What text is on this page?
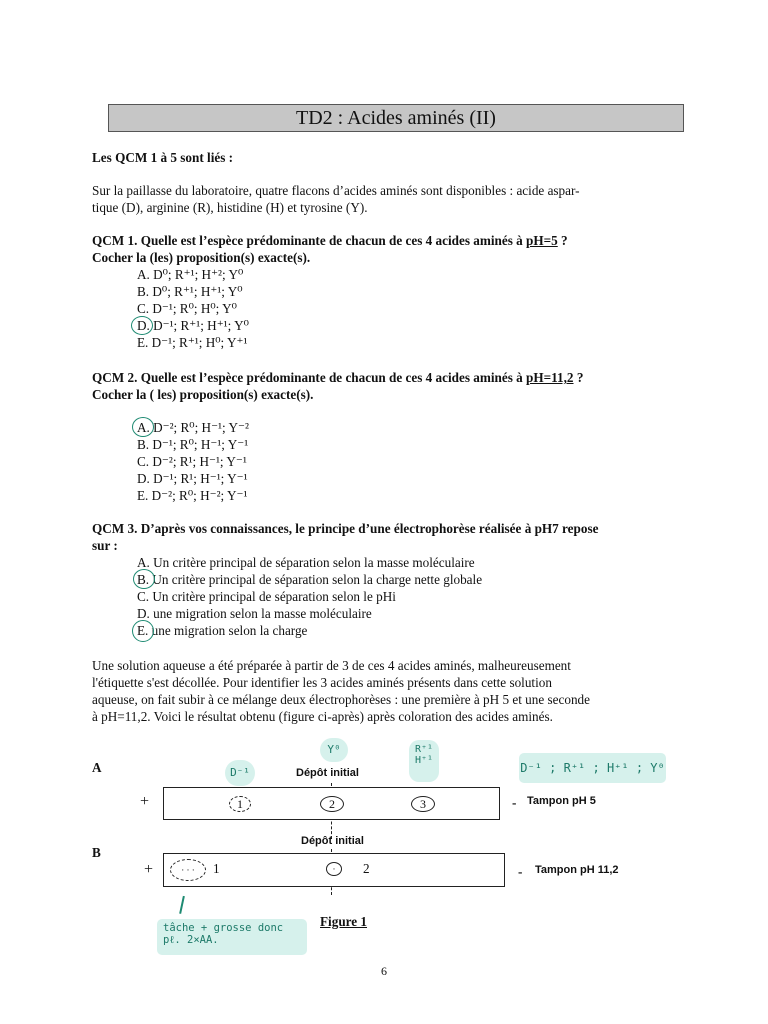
TD2 : Acides aminés (II)
Les QCM 1 à 5 sont liés :
Sur la paillasse du laboratoire, quatre flacons d’acides aminés sont disponibles : acide aspar-
tique (D), arginine (R), histidine (H) et tyrosine (Y).
QCM 1. Quelle est l’espèce prédominante de chacun de ces 4 acides aminés à pH=5 ?
Cocher la (les) proposition(s) exacte(s).
A. D⁰; R⁺¹; H⁺²; Y⁰
B. D⁰; R⁺¹; H⁺¹; Y⁰
C. D⁻¹; R⁰; H⁰; Y⁰
D. D⁻¹; R⁺¹; H⁺¹; Y⁰
E. D⁻¹; R⁺¹; H⁰; Y⁺¹
QCM 2. Quelle est l’espèce prédominante de chacun de ces 4 acides aminés à pH=11,2 ?
Cocher la ( les) proposition(s) exacte(s).
A. D⁻²; R⁰; H⁻¹; Y⁻²
B. D⁻¹; R⁰; H⁻¹; Y⁻¹
C. D⁻²; R¹; H⁻¹; Y⁻¹
D. D⁻¹; R¹; H⁻¹; Y⁻¹
E. D⁻²; R⁰; H⁻²; Y⁻¹
QCM 3. D’après vos connaissances, le principe d’une électrophorèse réalisée à pH7 repose
sur :
A. Un critère principal de séparation selon la masse moléculaire
B. Un critère principal de séparation selon la charge nette globale
C. Un critère principal de séparation selon le pHi
D. une migration selon la masse moléculaire
E. une migration selon la charge
Une solution aqueuse a été préparée à partir de 3 de ces 4 acides aminés, malheureusement
l'étiquette s'est décollée. Pour identifier les 3 acides aminés présents dans cette solution
aqueuse, on fait subir à ce mélange deux électrophorèses : une première à pH 5 et une seconde
à pH=11,2. Voici le résultat obtenu (figure ci-après) après coloration des acides aminés.
A	Dépôt initial
+	1	2	3	- Tampon pH 5
B
Dépôt initial
+	· · ·	1	·	2	- Tampon pH 11,2
Figure 1
D⁻¹
Y⁰	R⁺¹
H⁺¹
D⁻¹ ; R⁺¹ ; H⁺¹ ; Y⁰
tâche + grosse donc
pℓ. 2×AA.
6
